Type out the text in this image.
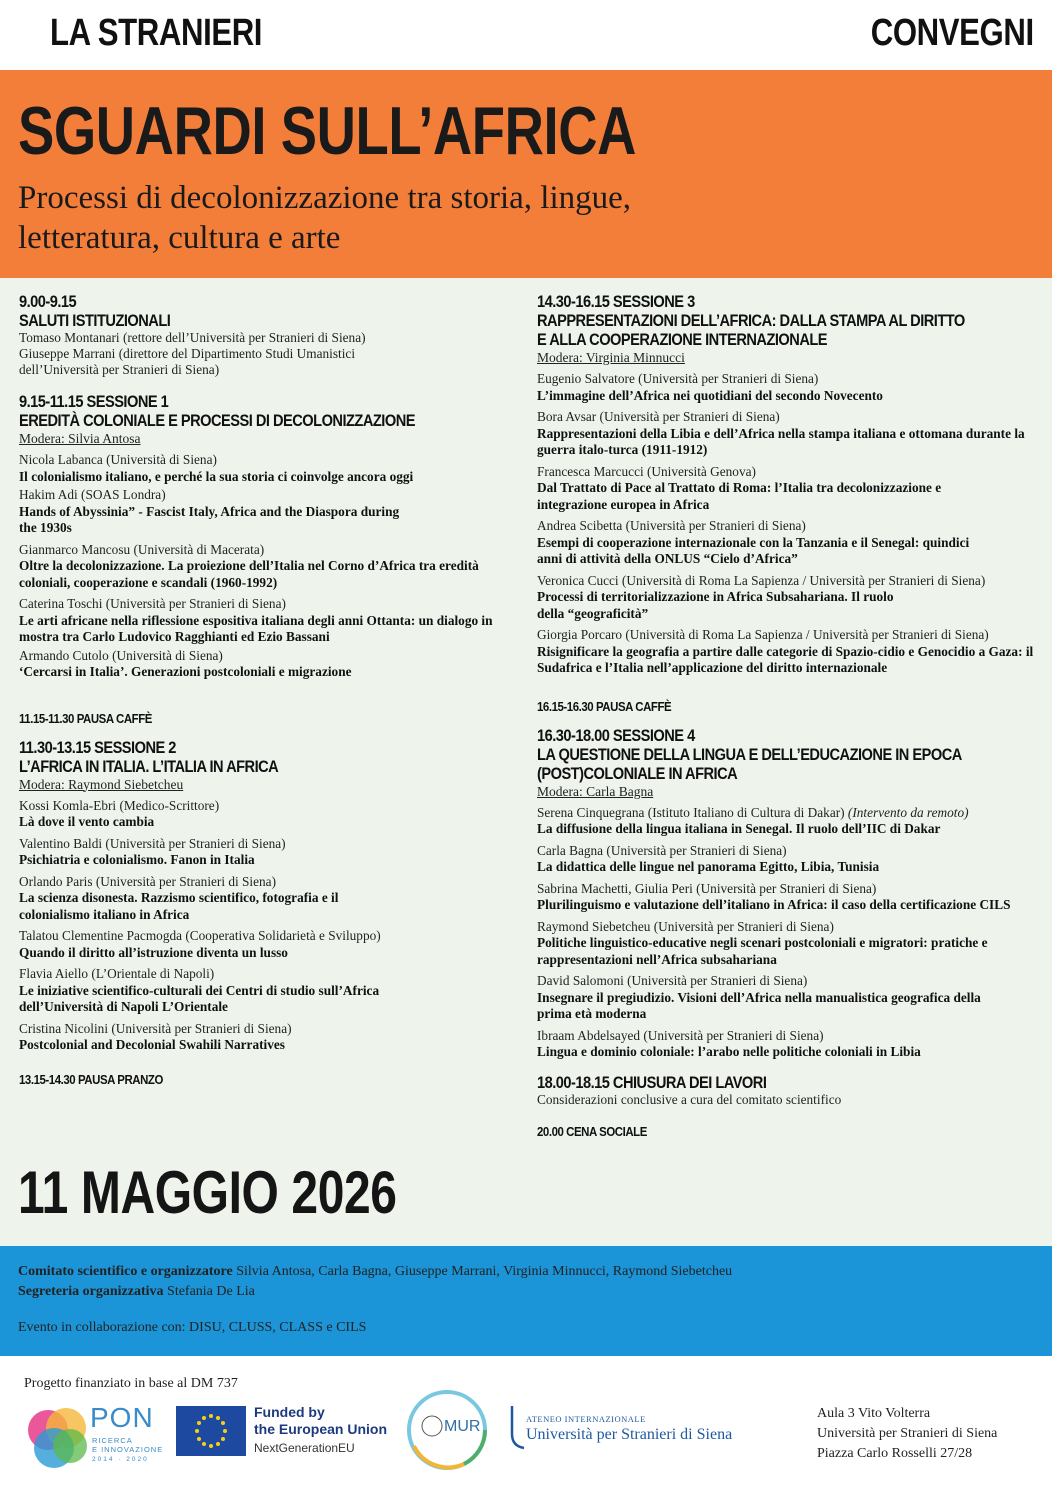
LA STRANIERI	CONVEGNI
SGUARDI SULL’AFRICA
Processi di decolonizzazione tra storia, lingue,
letteratura, cultura e arte
9.00-9.15
SALUTI ISTITUZIONALI
Tomaso Montanari (rettore dell’Università per Stranieri di Siena)
Giuseppe Marrani (direttore del Dipartimento Studi Umanistici
dell’Università per Stranieri di Siena)
9.15-11.15 SESSIONE 1
EREDITÀ COLONIALE E PROCESSI DI DECOLONIZZAZIONE
Modera: Silvia Antosa
Nicola Labanca (Università di Siena)
Il colonialismo italiano, e perché la sua storia ci coinvolge ancora oggi
Hakim Adi (SOAS Londra)
Hands of Abyssinia” - Fascist Italy, Africa and the Diaspora during the 1930s
Gianmarco Mancosu (Università di Macerata)
Oltre la decolonizzazione. La proiezione dell’Italia nel Corno d’Africa tra eredità coloniali, cooperazione e scandali (1960-1992)
Caterina Toschi (Università per Stranieri di Siena)
Le arti africane nella riflessione espositiva italiana degli anni Ottanta: un dialogo in mostra tra Carlo Ludovico Ragghianti ed Ezio Bassani
Armando Cutolo (Università di Siena)
‘Cercarsi in Italia’. Generazioni postcoloniali e migrazione
11.15-11.30 PAUSA CAFFÈ
11.30-13.15 SESSIONE 2
L’AFRICA IN ITALIA. L’ITALIA IN AFRICA
Modera: Raymond Siebetcheu
Kossi Komla-Ebri (Medico-Scrittore)
Là dove il vento cambia
Valentino Baldi (Università per Stranieri di Siena)
Psichiatria e colonialismo. Fanon in Italia
Orlando Paris (Università per Stranieri di Siena)
La scienza disonesta. Razzismo scientifico, fotografia e il colonialismo italiano in Africa
Talatou Clementine Pacmogda (Cooperativa Solidarietà e Sviluppo)
Quando il diritto all’istruzione diventa un lusso
Flavia Aiello (L’Orientale di Napoli)
Le iniziative scientifico-culturali dei Centri di studio sull’Africa dell’Università di Napoli L’Orientale
Cristina Nicolini (Università per Stranieri di Siena)
Postcolonial and Decolonial Swahili Narratives
13.15-14.30 PAUSA PRANZO
14.30-16.15 SESSIONE 3
RAPPRESENTAZIONI DELL’AFRICA: DALLA STAMPA AL DIRITTO
E ALLA COOPERAZIONE INTERNAZIONALE
Modera: Virginia Minnucci
Eugenio Salvatore (Università per Stranieri di Siena)
L’immagine dell’Africa nei quotidiani del secondo Novecento
Bora Avsar (Università per Stranieri di Siena)
Rappresentazioni della Libia e dell’Africa nella stampa italiana e ottomana durante la guerra italo-turca (1911-1912)
Francesca Marcucci (Università Genova)
Dal Trattato di Pace al Trattato di Roma: l’Italia tra decolonizzazione e integrazione europea in Africa
Andrea Scibetta (Università per Stranieri di Siena)
Esempi di cooperazione internazionale con la Tanzania e il Senegal: quindici anni di attività della ONLUS “Cielo d’Africa”
Veronica Cucci (Università di Roma La Sapienza / Università per Stranieri di Siena)
Processi di territorializzazione in Africa Subsahariana. Il ruolo della “geograficità”
Giorgia Porcaro (Università di Roma La Sapienza / Università per Stranieri di Siena)
Risignificare la geografia a partire dalle categorie di Spazio-cidio e Genocidio a Gaza: il Sudafrica e l’Italia nell’applicazione del diritto internazionale
16.15-16.30 PAUSA CAFFÈ
16.30-18.00 SESSIONE 4
LA QUESTIONE DELLA LINGUA E DELL’EDUCAZIONE IN EPOCA
(POST)COLONIALE IN AFRICA
Modera: Carla Bagna
Serena Cinquegrana (Istituto Italiano di Cultura di Dakar) (Intervento da remoto)
La diffusione della lingua italiana in Senegal. Il ruolo dell’IIC di Dakar
Carla Bagna (Università per Stranieri di Siena)
La didattica delle lingue nel panorama Egitto, Libia, Tunisia
Sabrina Machetti, Giulia Peri (Università per Stranieri di Siena)
Plurilinguismo e valutazione dell’italiano in Africa: il caso della certificazione CILS
Raymond Siebetcheu (Università per Stranieri di Siena)
Politiche linguistico-educative negli scenari postcoloniali e migratori: pratiche e rappresentazioni nell’Africa subsahariana
David Salomoni (Università per Stranieri di Siena)
Insegnare il pregiudizio. Visioni dell’Africa nella manualistica geografica della prima età moderna
Ibraam Abdelsayed (Università per Stranieri di Siena)
Lingua e dominio coloniale: l’arabo nelle politiche coloniali in Libia
18.00-18.15 CHIUSURA DEI LAVORI
Considerazioni conclusive a cura del comitato scientifico
20.00 CENA SOCIALE
11 MAGGIO 2026
Comitato scientifico e organizzatore Silvia Antosa, Carla Bagna, Giuseppe Marrani, Virginia Minnucci, Raymond Siebetcheu
Segreteria organizzativa Stefania De Lia
Evento in collaborazione con: DISU, CLUSS, CLASS e CILS
Progetto finanziato in base al DM 737
PON
RICERCA
E INNOVAZIONE
2014 · 2020
Funded by
the European Union
NextGenerationEU
MUR	ATENEO INTERNAZIONALE
Università per Stranieri di Siena
Aula 3 Vito Volterra
Università per Stranieri di Siena
Piazza Carlo Rosselli 27/28
